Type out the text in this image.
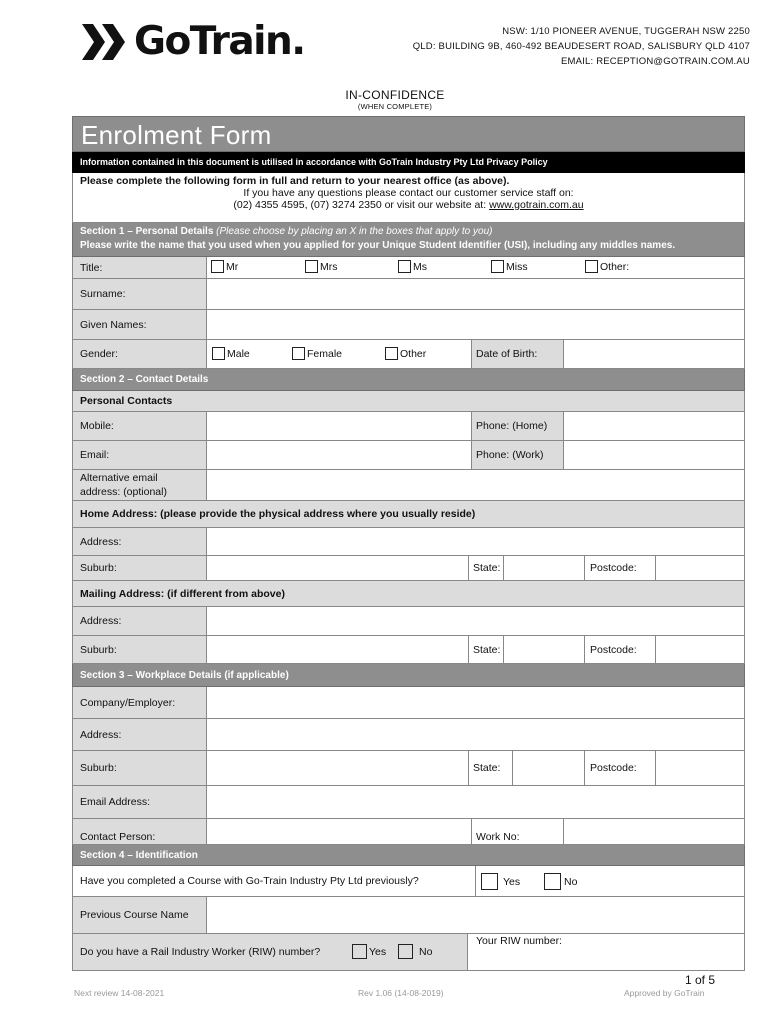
GoTrain.	NSW: 1/10 PIONEER AVENUE, TUGGERAH NSW 2250
QLD: BUILDING 9B, 460-492 BEAUDESERT ROAD, SALISBURY QLD 4107
EMAIL: RECEPTION@GOTRAIN.COM.AU
IN-CONFIDENCE
(WHEN COMPLETE)
Enrolment Form
Information contained in this document is utilised in accordance with GoTrain Industry Pty Ltd Privacy Policy
Please complete the following form in full and return to your nearest office (as above).
If you have any questions please contact our customer service staff on:
(02) 4355 4595, (07) 3274 2350 or visit our website at: www.gotrain.com.au
Section 1 – Personal Details (Please choose by placing an X in the boxes that apply to you)
Please write the name that you used when you applied for your Unique Student Identifier (USI), including any middles names.
Title:	Mr	Mrs	Ms	Miss	Other:
Surname:
Given Names:
Gender:	Male	Female	Other	Date of Birth:
Section 2 – Contact Details
Personal Contacts
Mobile:	Phone: (Home)
Email:	Phone: (Work)
Alternative email
address: (optional)
Home Address: (please provide the physical address where you usually reside)
Address:
Suburb:	State:	Postcode:
Mailing Address: (if different from above)
Address:
Suburb:	State:	Postcode:
Section 3 – Workplace Details (if applicable)
Company/Employer:
Address:
Suburb:	State:	Postcode:
Email Address:
Contact Person:	Work No:
Section 4 – Identification
Have you completed a Course with Go-Train Industry Pty Ltd previously?	Yes	No
Previous Course Name
Do you have a Rail Industry Worker (RIW) number?	Yes	No
Your RIW number:
1 of 5
Next review 14-08-2021	Rev 1.06 (14-08-2019)	Approved by GoTrain
